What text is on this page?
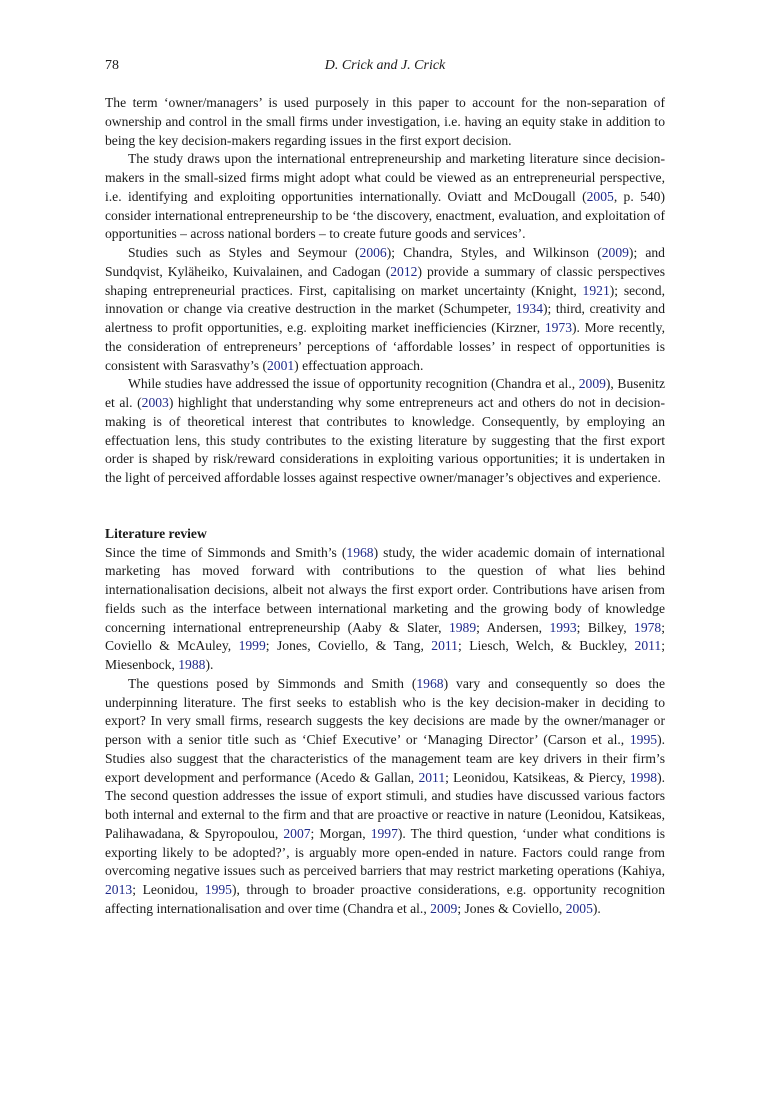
78	D. Crick and J. Crick

The term ‘owner/managers’ is used purposely in this paper to account for the non-separation of ownership and control in the small firms under investigation, i.e. having an equity stake in addition to being the key decision-makers regarding issues in the first export decision.

The study draws upon the international entrepreneurship and marketing literature since decision-makers in the small-sized firms might adopt what could be viewed as an entrepreneurial perspective, i.e. identifying and exploiting opportunities internationally. Oviatt and McDougall (2005, p. 540) consider international entrepreneurship to be ‘the discovery, enactment, evaluation, and exploitation of opportunities – across national borders – to create future goods and services’.

Studies such as Styles and Seymour (2006); Chandra, Styles, and Wilkinson (2009); and Sundqvist, Kyläheiko, Kuivalainen, and Cadogan (2012) provide a summary of classic perspectives shaping entrepreneurial practices. First, capitalising on market uncertainty (Knight, 1921); second, innovation or change via creative destruction in the market (Schumpeter, 1934); third, creativity and alertness to profit opportunities, e.g. exploiting market inefficiencies (Kirzner, 1973). More recently, the consideration of entrepreneurs’ perceptions of ‘affordable losses’ in respect of opportunities is consistent with Sarasvathy’s (2001) effectuation approach.

While studies have addressed the issue of opportunity recognition (Chandra et al., 2009), Busenitz et al. (2003) highlight that understanding why some entrepreneurs act and others do not in decision-making is of theoretical interest that contributes to knowledge. Consequently, by employing an effectuation lens, this study contributes to the existing literature by suggesting that the first export order is shaped by risk/reward considerations in exploiting various opportunities; it is undertaken in the light of perceived affordable losses against respective owner/manager’s objectives and experience.

Literature review

Since the time of Simmonds and Smith’s (1968) study, the wider academic domain of international marketing has moved forward with contributions to the question of what lies behind internationalisation decisions, albeit not always the first export order. Contributions have arisen from fields such as the interface between international marketing and the growing body of knowledge concerning international entrepreneurship (Aaby & Slater, 1989; Andersen, 1993; Bilkey, 1978; Coviello & McAuley, 1999; Jones, Coviello, & Tang, 2011; Liesch, Welch, & Buckley, 2011; Miesenbock, 1988).

The questions posed by Simmonds and Smith (1968) vary and consequently so does the underpinning literature. The first seeks to establish who is the key decision-maker in deciding to export? In very small firms, research suggests the key decisions are made by the owner/manager or person with a senior title such as ‘Chief Executive’ or ‘Managing Director’ (Carson et al., 1995). Studies also suggest that the characteristics of the management team are key drivers in their firm’s export development and performance (Acedo & Gallan, 2011; Leonidou, Katsikeas, & Piercy, 1998). The second question addresses the issue of export stimuli, and studies have discussed various factors both internal and external to the firm and that are proactive or reactive in nature (Leonidou, Katsikeas, Palihawadana, & Spyropoulou, 2007; Morgan, 1997). The third question, ‘under what conditions is exporting likely to be adopted?’, is arguably more open-ended in nature. Factors could range from overcoming negative issues such as perceived barriers that may restrict marketing operations (Kahiya, 2013; Leonidou, 1995), through to broader proactive considerations, e.g. opportunity recognition affecting internationalisation and over time (Chandra et al., 2009; Jones & Coviello, 2005).
